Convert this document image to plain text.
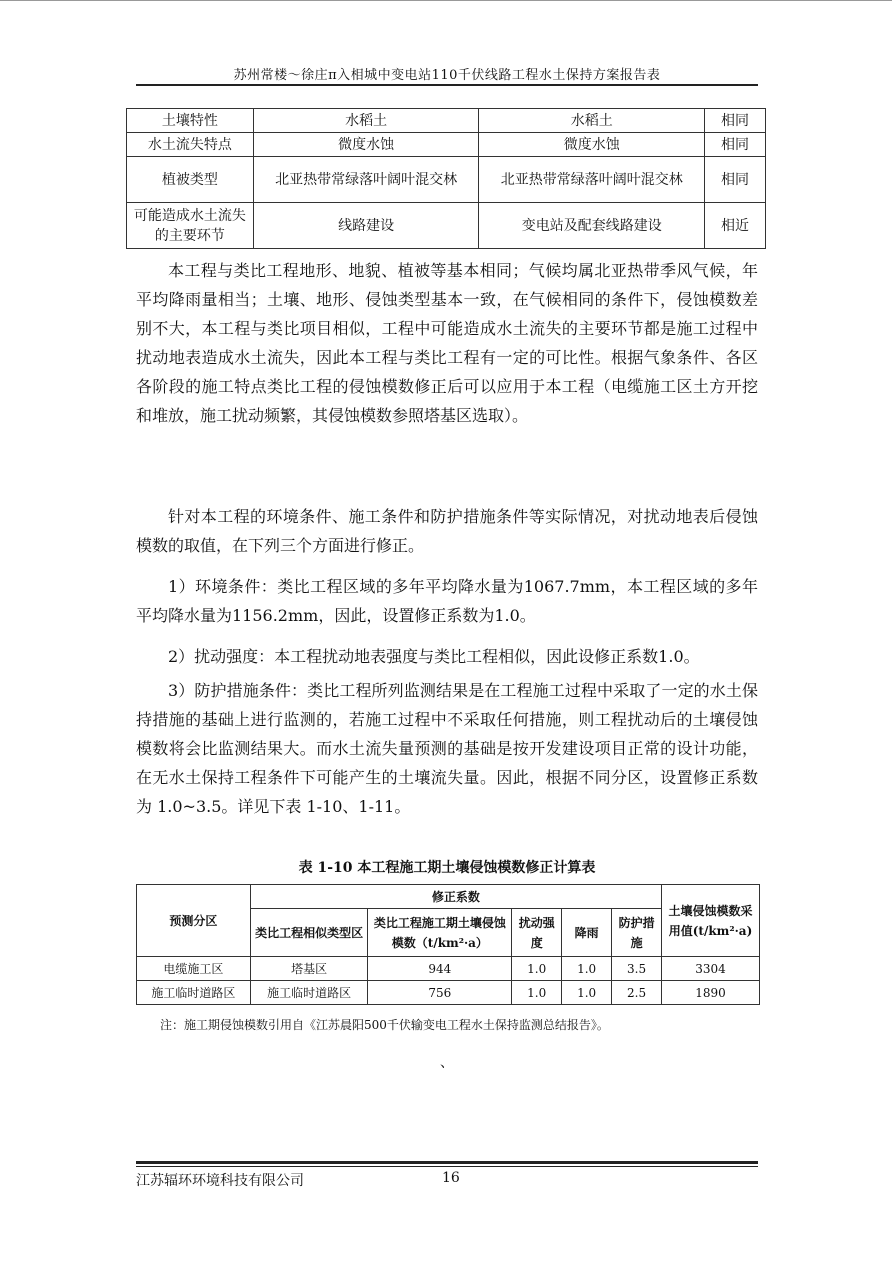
苏州常楼～徐庄π入相城中变电站110千伏线路工程水土保持方案报告表
土壤特性	水稻土	水稻土	相同
水土流失特点	微度水蚀	微度水蚀	相同
植被类型	北亚热带常绿落叶阔叶混交林	北亚热带常绿落叶阔叶混交林	相同
可能造成水土流失的主要环节	线路建设	变电站及配套线路建设	相近

本工程与类比工程地形、地貌、植被等基本相同；气候均属北亚热带季风气候，年平均降雨量相当；土壤、地形、侵蚀类型基本一致，在气候相同的条件下，侵蚀模数差别不大，本工程与类比项目相似，工程中可能造成水土流失的主要环节都是施工过程中扰动地表造成水土流失，因此本工程与类比工程有一定的可比性。根据气象条件、各区各阶段的施工特点类比工程的侵蚀模数修正后可以应用于本工程（电缆施工区土方开挖和堆放，施工扰动频繁，其侵蚀模数参照塔基区选取）。

针对本工程的环境条件、施工条件和防护措施条件等实际情况，对扰动地表后侵蚀模数的取值，在下列三个方面进行修正。

1）环境条件：类比工程区域的多年平均降水量为1067.7mm，本工程区域的多年平均降水量为1156.2mm，因此，设置修正系数为1.0。

2）扰动强度：本工程扰动地表强度与类比工程相似，因此设修正系数1.0。

3）防护措施条件：类比工程所列监测结果是在工程施工过程中采取了一定的水土保持措施的基础上进行监测的，若施工过程中不采取任何措施，则工程扰动后的土壤侵蚀模数将会比监测结果大。而水土流失量预测的基础是按开发建设项目正常的设计功能，在无水土保持工程条件下可能产生的土壤流失量。因此，根据不同分区，设置修正系数为 1.0~3.5。详见下表 1-10、1-11。

表 1-10 本工程施工期土壤侵蚀模数修正计算表
预测分区	修正系数					土壤侵蚀模数采用值(t/km²·a)
	类比工程相似类型区	类比工程施工期土壤侵蚀模数（t/km²·a）	扰动强度	降雨	防护措施	
电缆施工区	塔基区	944	1.0	1.0	3.5	3304
施工临时道路区	施工临时道路区	756	1.0	1.0	2.5	1890
注：施工期侵蚀模数引用自《江苏晨阳500千伏输变电工程水土保持监测总结报告》。
、
江苏辐环环境科技有限公司	16
